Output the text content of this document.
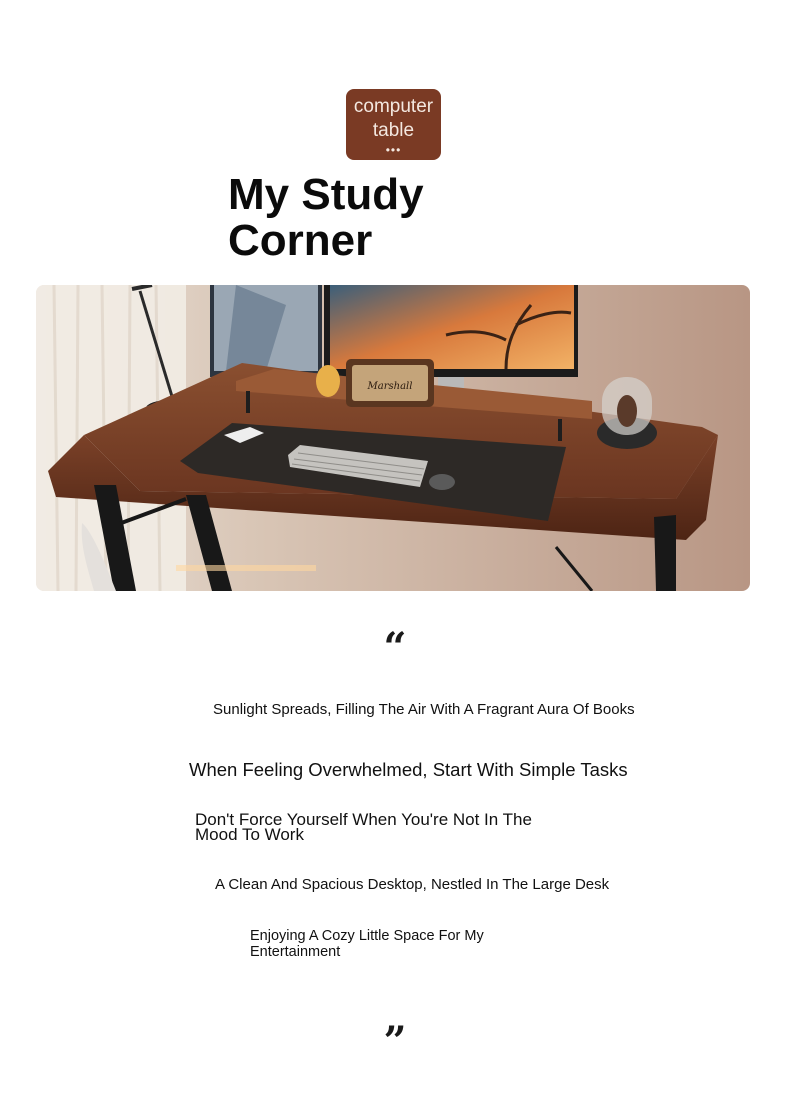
computer
table
•••
My Study Corner
Marshall
“
Sunlight Spreads, Filling The Air With A Fragrant Aura Of Books
When Feeling Overwhelmed, Start With Simple Tasks
Don't Force Yourself When You're Not In The Mood To Work
A Clean And Spacious Desktop, Nestled In The Large Desk
Enjoying A Cozy Little Space For My Entertainment
”
